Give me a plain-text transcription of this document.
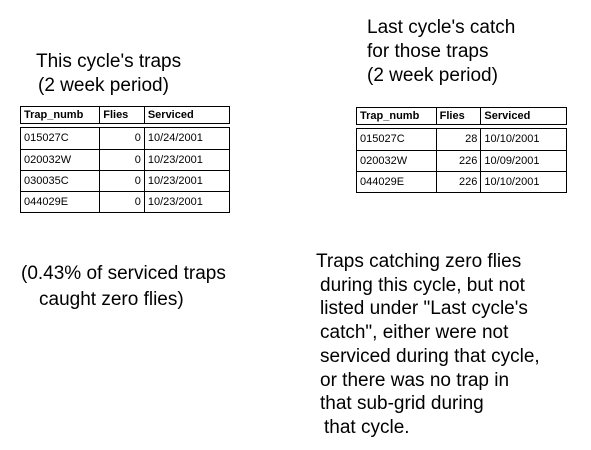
This cycle's traps
(2 week period)
Last cycle's catch
for those traps
(2 week period)
Trap_numb	Flies	Serviced
015027C	0 10/24/2001
020032W	0 10/23/2001
030035C	0 10/23/2001
044029E	0 10/23/2001
Trap_numb	Flies	Serviced
015027C	28 10/10/2001
020032W	226 10/09/2001
044029E	226 10/10/2001
(0.43% of serviced traps
caught zero flies)
Traps catching zero flies
during this cycle, but not
listed under "Last cycle's
catch", either were not
serviced during that cycle,
or there was no trap in
that sub-grid during
that cycle.
